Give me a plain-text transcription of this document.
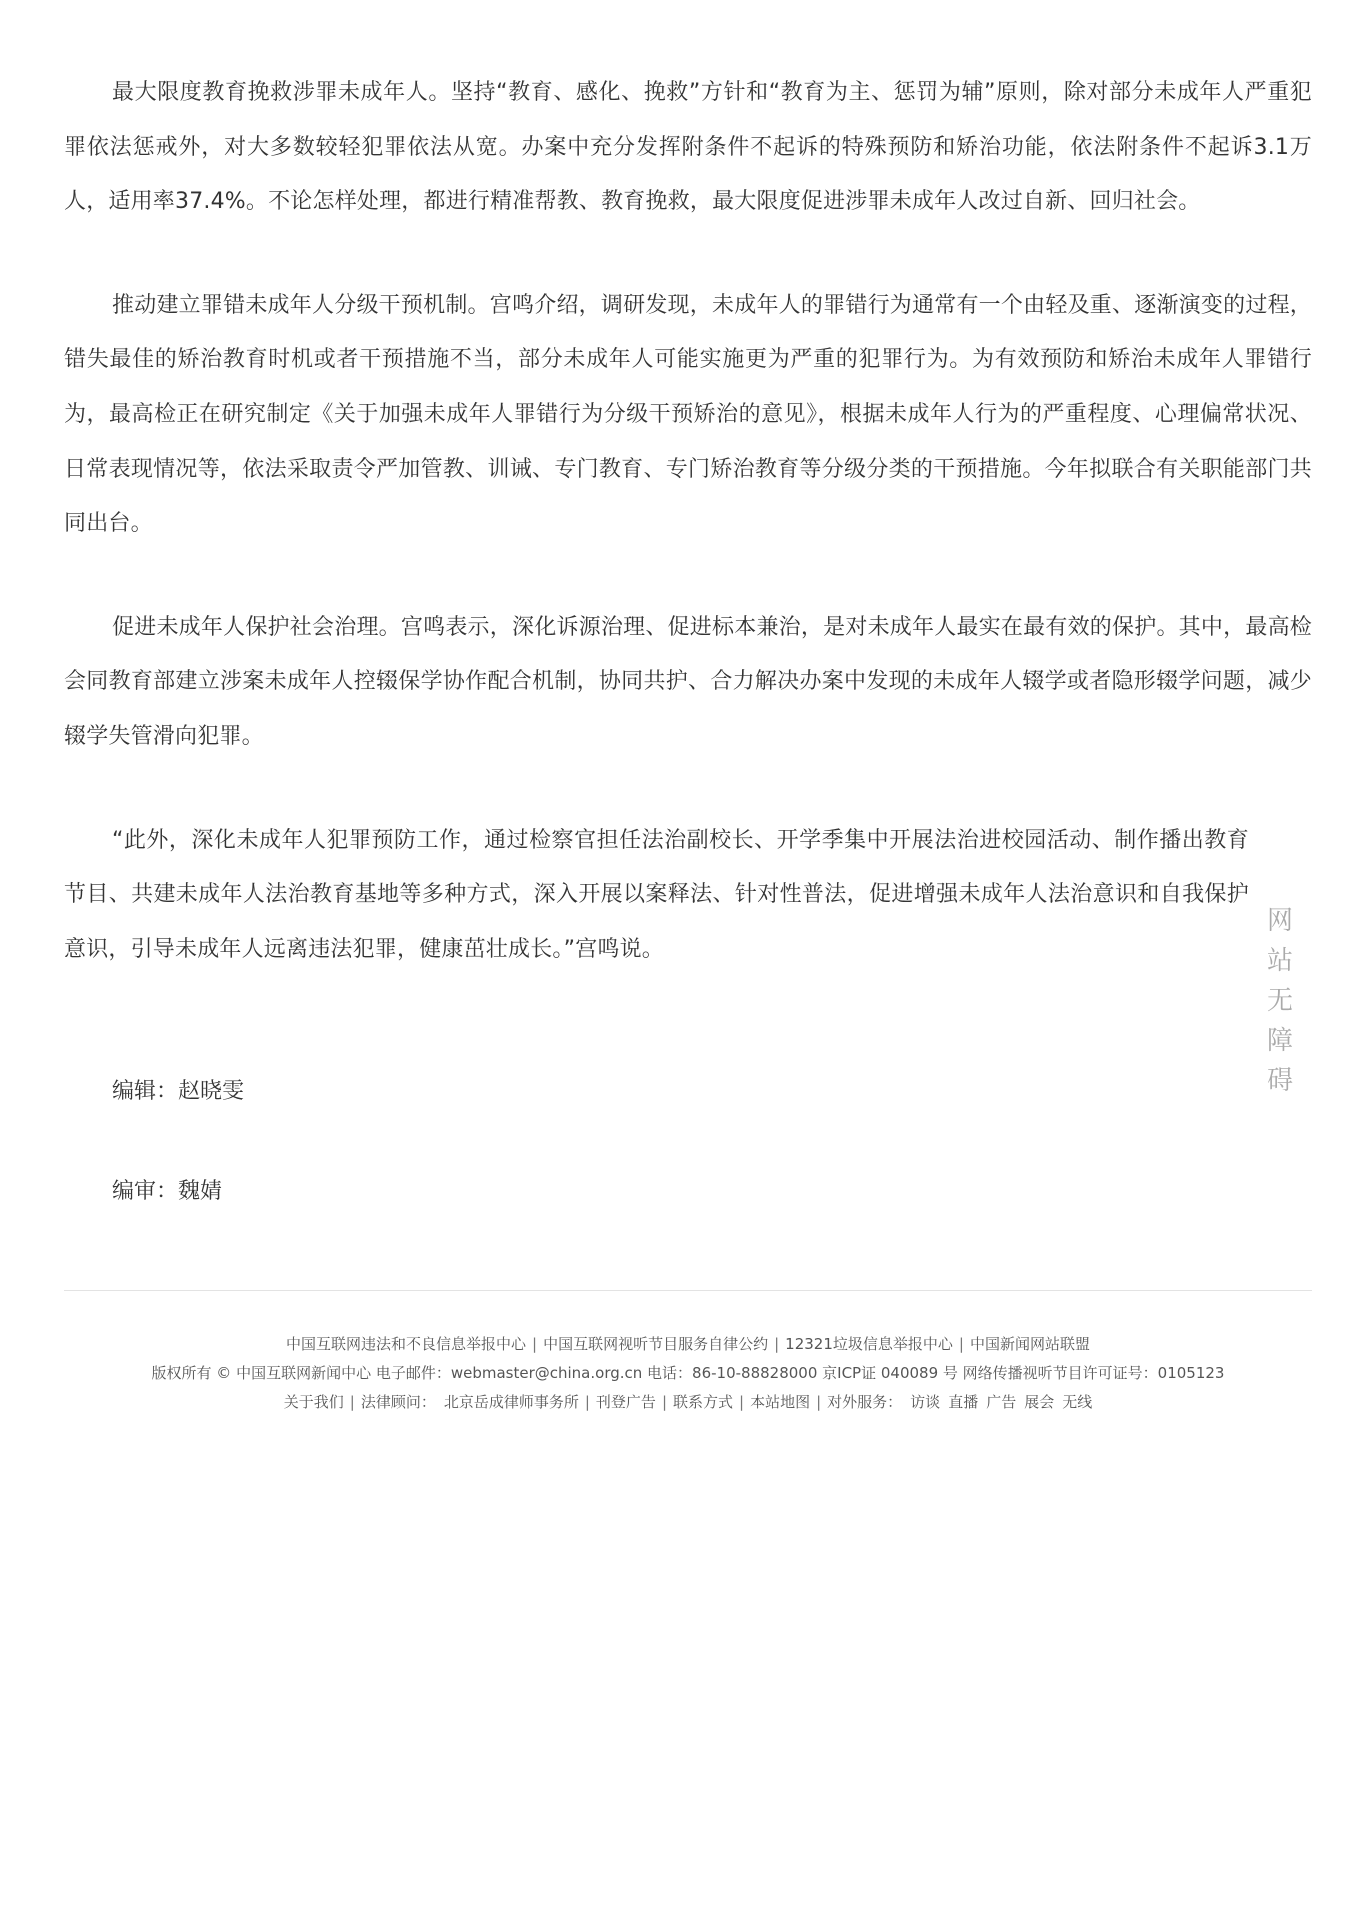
最大限度教育挽救涉罪未成年人。坚持“教育、感化、挽救”方针和“教育为主、惩罚为辅”原则，除对部分未成年人严重犯罪依法惩戒外，对大多数较轻犯罪依法从宽。办案中充分发挥附条件不起诉的特殊预防和矫治功能，依法附条件不起诉3.1万人，适用率37.4%。不论怎样处理，都进行精准帮教、教育挽救，最大限度促进涉罪未成年人改过自新、回归社会。

推动建立罪错未成年人分级干预机制。宫鸣介绍，调研发现，未成年人的罪错行为通常有一个由轻及重、逐渐演变的过程，错失最佳的矫治教育时机或者干预措施不当，部分未成年人可能实施更为严重的犯罪行为。为有效预防和矫治未成年人罪错行为，最高检正在研究制定《关于加强未成年人罪错行为分级干预矫治的意见》，根据未成年人行为的严重程度、心理偏常状况、日常表现情况等，依法采取责令严加管教、训诫、专门教育、专门矫治教育等分级分类的干预措施。今年拟联合有关职能部门共同出台。

促进未成年人保护社会治理。宫鸣表示，深化诉源治理、促进标本兼治，是对未成年人最实在最有效的保护。其中，最高检会同教育部建立涉案未成年人控辍保学协作配合机制，协同共护、合力解决办案中发现的未成年人辍学或者隐形辍学问题，减少辍学失管滑向犯罪。

“此外，深化未成年人犯罪预防工作，通过检察官担任法治副校长、开学季集中开展法治进校园活动、制作播出教育节目、共建未成年人法治教育基地等多种方式，深入开展以案释法、针对性普法，促进增强未成年人法治意识和自我保护意识，引导未成年人远离违法犯罪，健康茁壮成长。”宫鸣说。

编辑：赵晓雯

编审：魏婧

网
站
无
障
碍
中国互联网违法和不良信息举报中心 | 中国互联网视听节目服务自律公约 | 12321垃圾信息举报中心 | 中国新闻网站联盟
版权所有 © 中国互联网新闻中心 电子邮件：webmaster@china.org.cn 电话：86-10-88828000 京ICP证 040089 号 网络传播视听节目许可证号：0105123
关于我们 | 法律顾问： 北京岳成律师事务所 | 刊登广告 | 联系方式 | 本站地图 | 对外服务： 访谈 直播 广告 展会 无线
